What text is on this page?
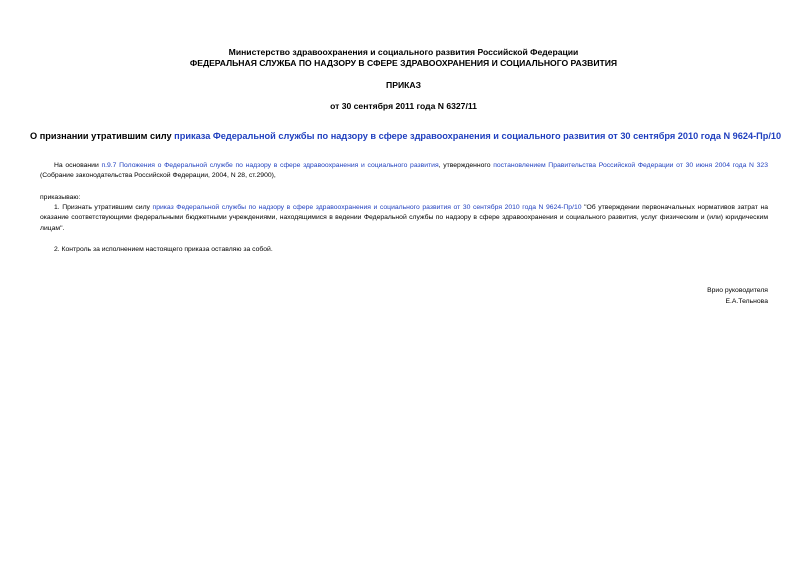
Министерство здравоохранения и социального развития Российской Федерации
ФЕДЕРАЛЬНАЯ СЛУЖБА ПО НАДЗОРУ В СФЕРЕ ЗДРАВООХРАНЕНИЯ И СОЦИАЛЬНОГО РАЗВИТИЯ
ПРИКАЗ
от 30 сентября 2011 года N 6327/11
О признании утратившим силу приказа Федеральной службы по надзору в сфере здравоохранения и социального развития от 30 сентября 2010 года N 9624-Пр/10
На основании п.9.7 Положения о Федеральной службе по надзору в сфере здравоохранения и социального развития, утвержденного постановлением Правительства Российской Федерации от 30 июня 2004 года N 323 (Собрание законодательства Российской Федерации, 2004, N 28, ст.2900),
приказываю:
1. Признать утратившим силу приказ Федеральной службы по надзору в сфере здравоохранения и социального развития от 30 сентября 2010 года N 9624-Пр/10 "Об утверждении первоначальных нормативов затрат на оказание соответствующими федеральными бюджетными учреждениями, находящимися в ведении Федеральной службы по надзору в сфере здравоохранения и социального развития, услуг физическим и (или) юридическим лицам".
2. Контроль за исполнением настоящего приказа оставляю за собой.
Врио руководителя
Е.А.Тельнова
